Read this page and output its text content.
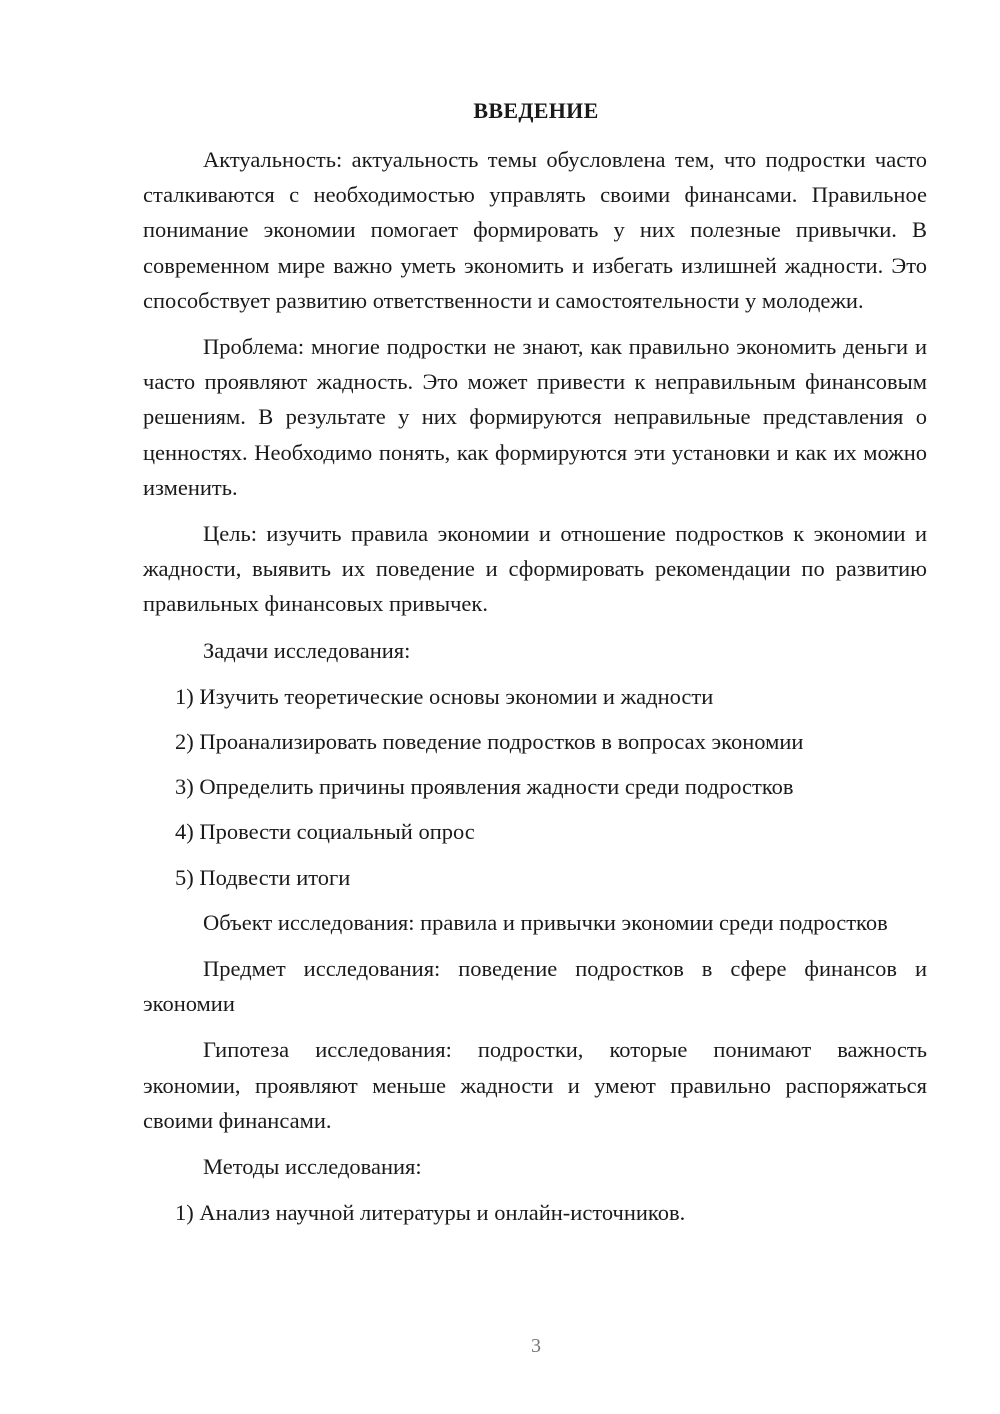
ВВЕДЕНИЕ

Актуальность: актуальность темы обусловлена тем, что подростки часто сталкиваются с необходимостью управлять своими финансами. Правильное понимание экономии помогает формировать у них полезные привычки. В современном мире важно уметь экономить и избегать излишней жадности. Это способствует развитию ответственности и самостоятельности у молодежи.

Проблема: многие подростки не знают, как правильно экономить деньги и часто проявляют жадность. Это может привести к неправильным финансовым решениям. В результате у них формируются неправильные представления о ценностях. Необходимо понять, как формируются эти установки и как их можно изменить.

Цель: изучить правила экономии и отношение подростков к экономии и жадности, выявить их поведение и сформировать рекомендации по развитию правильных финансовых привычек.

Задачи исследования:

1) Изучить теоретические основы экономии и жадности

2) Проанализировать поведение подростков в вопросах экономии

3) Определить причины проявления жадности среди подростков

4) Провести социальный опрос

5) Подвести итоги

Объект исследования: правила и привычки экономии среди подростков

Предмет исследования: поведение подростков в сфере финансов и экономии

Гипотеза исследования: подростки, которые понимают важность экономии, проявляют меньше жадности и умеют правильно распоряжаться своими финансами.

Методы исследования:

1) Анализ научной литературы и онлайн-источников.

3
